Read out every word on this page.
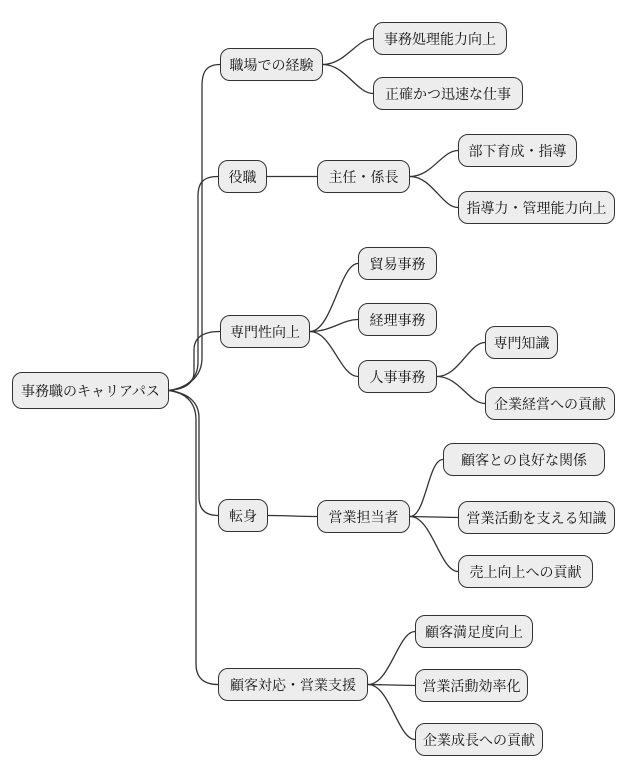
事務職のキャリアパス
職場での経験
事務処理能力向上
正確かつ迅速な仕事
役職	主任・係長
部下育成・指導
指導力・管理能力向上
専門性向上
貿易事務
経理事務
人事事務
専門知識
企業経営への貢献
転身	営業担当者
顧客との良好な関係
営業活動を支える知識
売上向上への貢献
顧客対応・営業支援
顧客満足度向上
営業活動効率化
企業成長への貢献
